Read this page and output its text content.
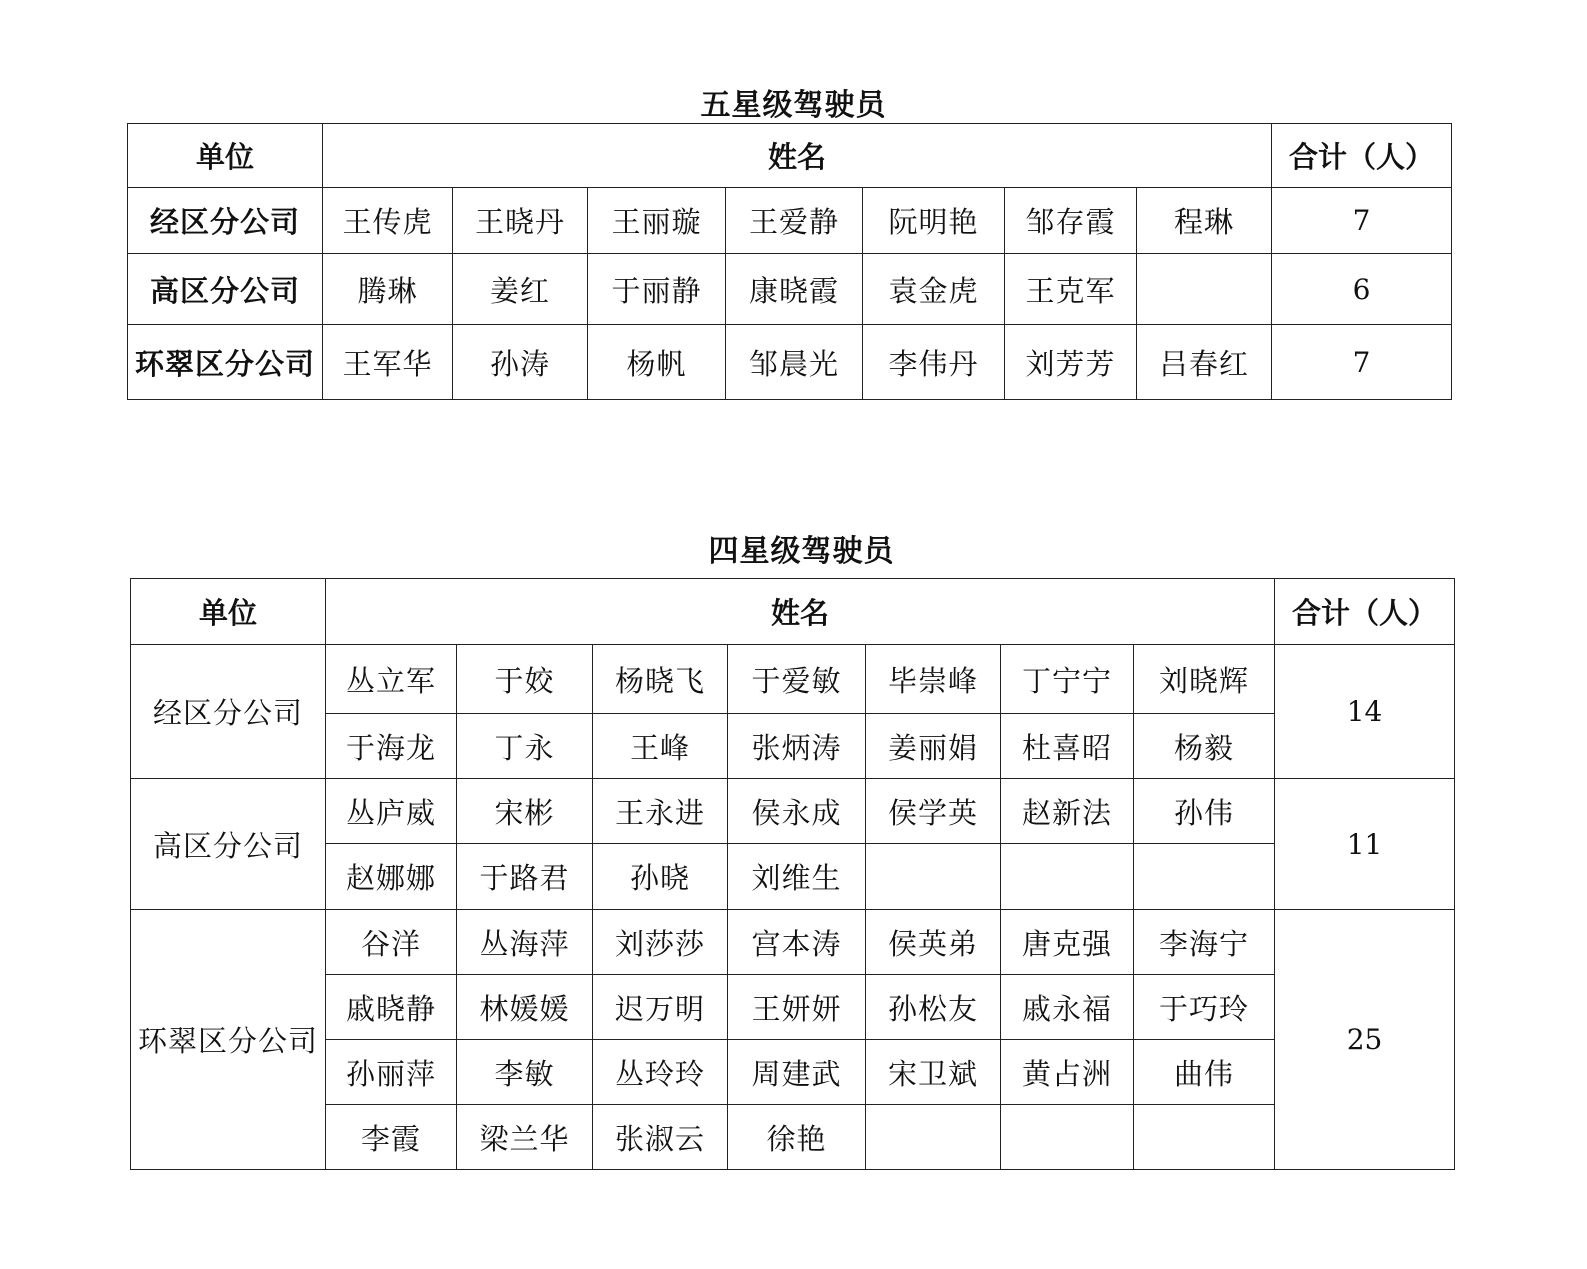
五星级驾驶员
单位	姓名							合计（人）
经区分公司	王传虎	王晓丹	王丽璇	王爱静	阮明艳	邹存霞	程琳	7
高区分公司	腾琳	姜红	于丽静	康晓霞	袁金虎	王克军		6
环翠区分公司	王军华	孙涛	杨帆	邹晨光	李伟丹	刘芳芳	吕春红	7
四星级驾驶员
单位	姓名							合计（人）
经区分公司	丛立军	于姣	杨晓飞	于爱敏	毕崇峰	丁宁宁	刘晓辉	14
	于海龙	丁永	王峰	张炳涛	姜丽娟	杜喜昭	杨毅	
高区分公司	丛庐威	宋彬	王永进	侯永成	侯学英	赵新法	孙伟	11
	赵娜娜	于路君	孙晓	刘维生				
环翠区分公司	谷洋	丛海萍	刘莎莎	宫本涛	侯英弟	唐克强	李海宁	25
	戚晓静	林媛媛	迟万明	王妍妍	孙松友	戚永福	于巧玲	
	孙丽萍	李敏	丛玲玲	周建武	宋卫斌	黄占洲	曲伟	
	李霞	梁兰华	张淑云	徐艳				
